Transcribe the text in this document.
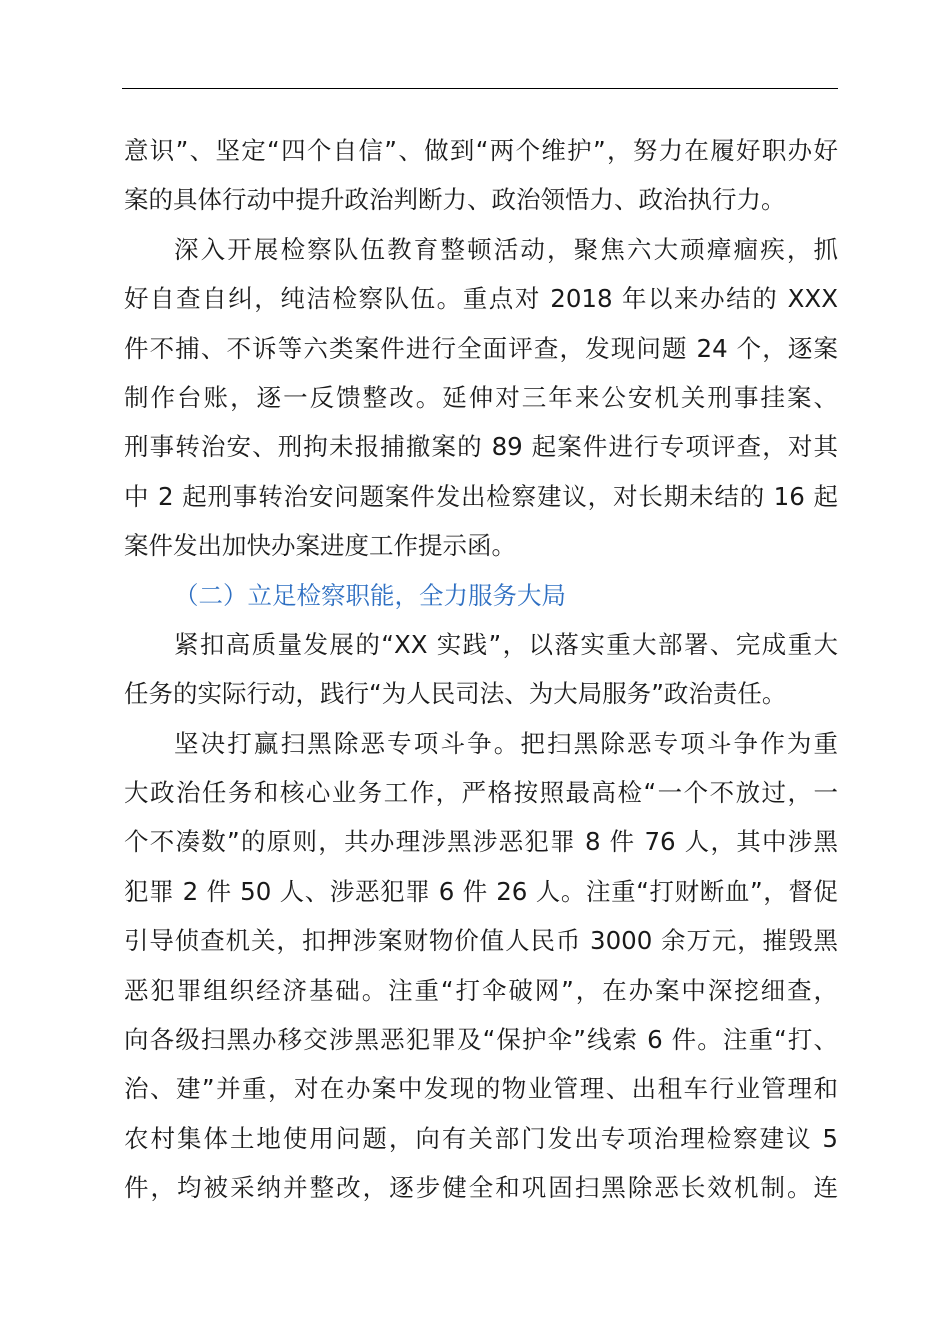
意识”、坚定“四个自信”、做到“两个维护”，努力在履好职办好
案的具体行动中提升政治判断力、政治领悟力、政治执行力。
深入开展检察队伍教育整顿活动，聚焦六大顽瘴痼疾，抓
好自查自纠，纯洁检察队伍。重点对 2018 年以来办结的 XXX
件不捕、不诉等六类案件进行全面评查，发现问题 24 个，逐案
制作台账，逐一反馈整改。延伸对三年来公安机关刑事挂案、
刑事转治安、刑拘未报捕撤案的 89 起案件进行专项评查，对其
中 2 起刑事转治安问题案件发出检察建议，对长期未结的 16 起
案件发出加快办案进度工作提示函。
（二）立足检察职能，全力服务大局
紧扣高质量发展的“XX 实践”，以落实重大部署、完成重大
任务的实际行动，践行“为人民司法、为大局服务”政治责任。
坚决打赢扫黑除恶专项斗争。把扫黑除恶专项斗争作为重
大政治任务和核心业务工作，严格按照最高检“一个不放过，一
个不凑数”的原则，共办理涉黑涉恶犯罪 8 件 76 人，其中涉黑
犯罪 2 件 50 人、涉恶犯罪 6 件 26 人。注重“打财断血”，督促
引导侦查机关，扣押涉案财物价值人民币 3000 余万元，摧毁黑
恶犯罪组织经济基础。注重“打伞破网”，在办案中深挖细查，
向各级扫黑办移交涉黑恶犯罪及“保护伞”线索 6 件。注重“打、
治、建”并重，对在办案中发现的物业管理、出租车行业管理和
农村集体土地使用问题，向有关部门发出专项治理检察建议 5
件，均被采纳并整改，逐步健全和巩固扫黑除恶长效机制。连
